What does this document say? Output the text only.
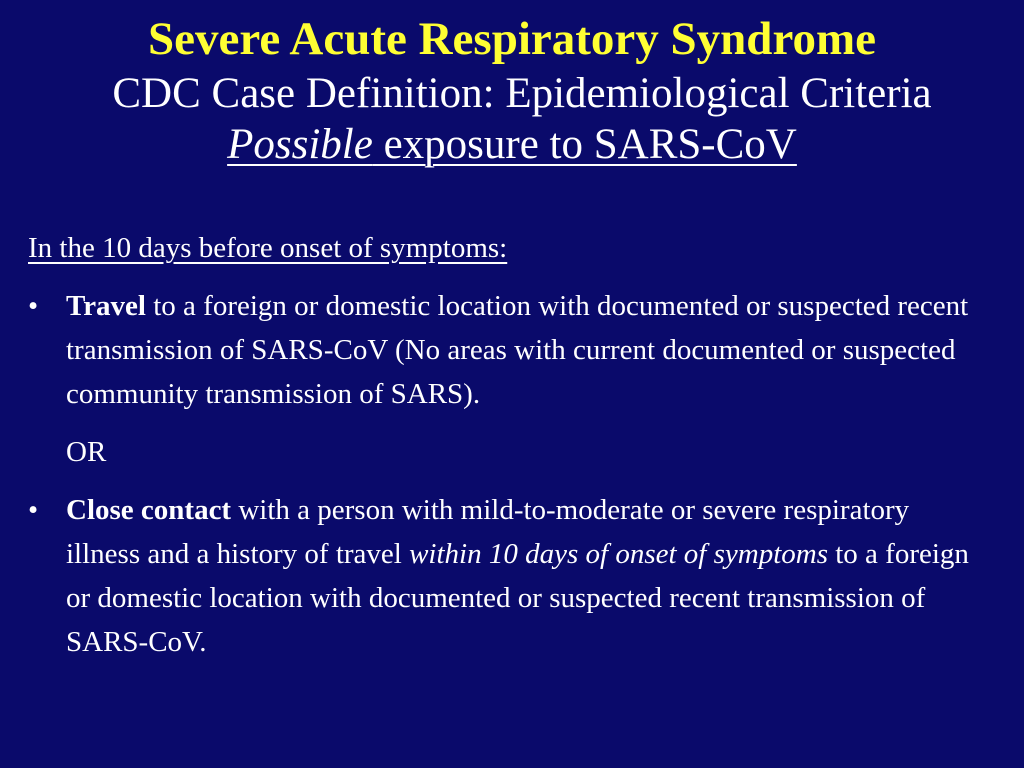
Severe Acute Respiratory Syndrome

CDC Case Definition: Epidemiological Criteria

Possible exposure to SARS-CoV

In the 10 days before onset of symptoms:

• Travel to a foreign or domestic location with documented or suspected recent transmission of SARS-CoV (No areas with current documented or suspected community transmission of SARS).

OR

• Close contact with a person with mild-to-moderate or severe respiratory illness and a history of travel within 10 days of onset of symptoms to a foreign or domestic location with documented or suspected recent transmission of SARS-CoV.
